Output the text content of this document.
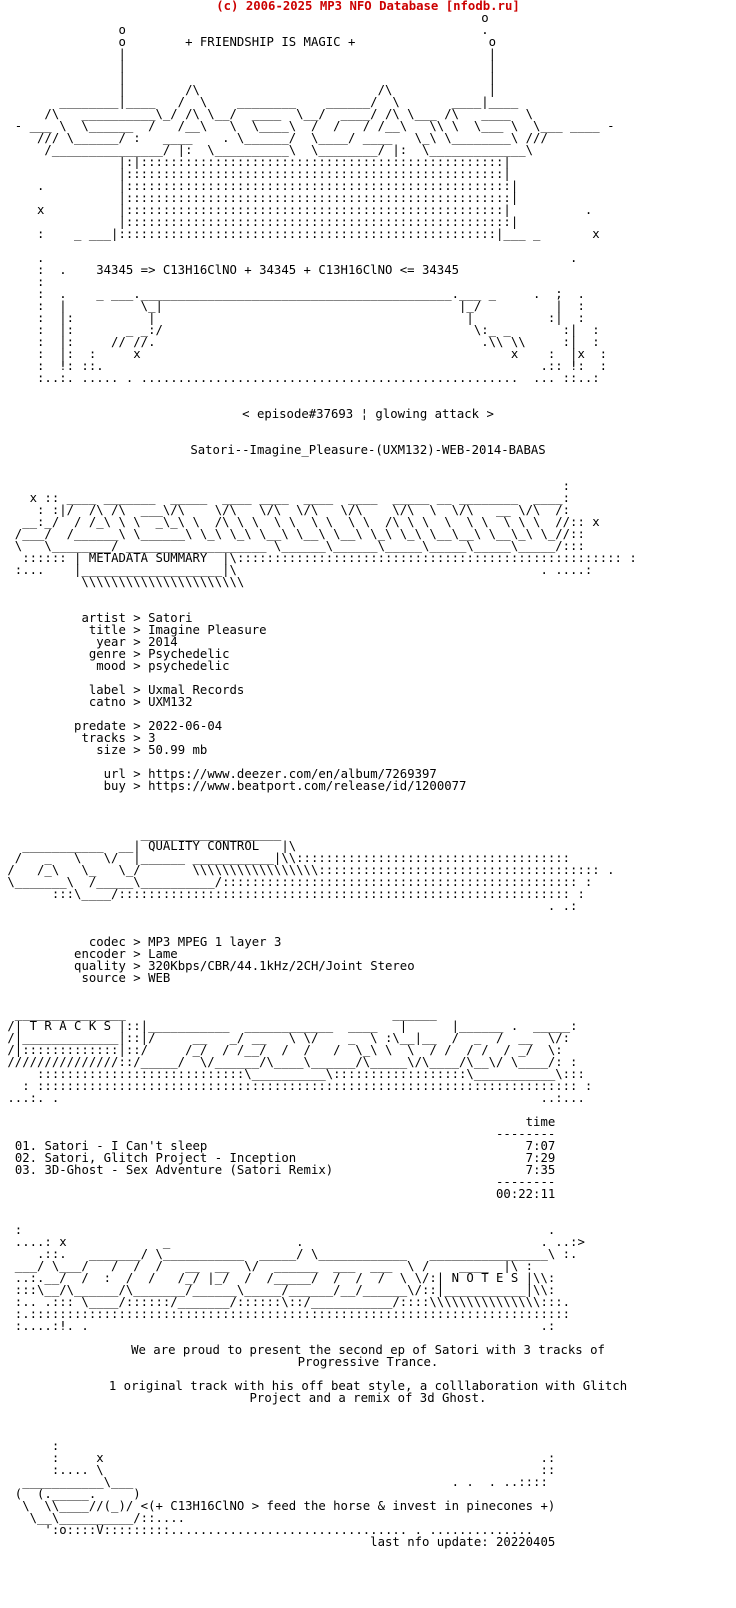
(c) 2006-2025 MP3 NFO Database [nfodb.ru]
o
o                                                .
o        + FRIENDSHIP IS MAGIC +                  o
|                                                 |
|                                                 |
|                                                 |
|        /\                        /\             |
________|____   /  \    ________    ______/  \       ____|____
/\   __________\_/ /\ \__/  ____  \__/  ____/ /\ \___ /\   ____  \
- ___ \  \______  /   /__\   \  \____\  /  /   / /__\   \\ \  \___ \  \___ ____ -
/// \______/ :   ____    . \______/  \____/ ____   \_\ \________\ ///
/_______________/ |:  \__________\  \________/ |:  \_____________\
|:|:::::::::::::::::::::::::::::::::::::::::::::::::|
|:::::::::::::::::::::::::::::::::::::::::::::::::::|
.          |::::::::::::::::::::::::::::::::::::::::::::::::::::|
|::::::::::::::::::::::::::::::::::::::::::::::::::::|
x          |:::::::::::::::::::::::::::::::::::::::::::::::::::|          .
|::::::::::::::::::::::::::::::::::::::::::::::::::::|
:    _ ___|:::::::::::::::::::::::::::::::::::::::::::::::::::|___ _       x

.                                                                       .
:  .    34345 => C13H16ClNO + 34345 + C13H16ClNO <= 34345
:
:  .    _ ___.__________________________________________.___ _     .  ;  .
:  |          \_|                                        |_/          |  :
:  |:          |                                          |          :|  :
:  |:       _ _:/                                          \:_ _       :|  :
:  |:     // //.                                            .\\ \\     :|  :
:  |:  :     x                                                  x    :  |x  :
:  !: ::.                                                           .:: !:  :
:..:. ..... . ...................................................  ... ::..:

< episode#37693 ¦ glowing attack >

Satori--Imagine_Pleasure-(UXM132)-WEB-2014-BABAS

:
x :: ____ _______  _____  ____ ____  ____  ____  _____ __ ________  ____:
: :|/  /\ /\  ___\/\    \/\   \/\  \/\   \/\    \/\  \  \/\   __ \/\  /:
__:_/  / /_\ \ \  _\_\ \  /\ \ \  \ \  \ \  \ \  /\ \ \  \  \ \  \ \ \  //:: x
/___/  /______\ \______\ \_\ \_\ \__\ \__\ \__\ \_\ \_\ \__\__\ \__\_\ \_//::
\   \________/ ___________________ \______\______\_____\_____\_____\_____/:::
:::::: | METADATA SUMMARY  |\:::::::::::::::::::::::::::::::::::::::::::::::::::: :
:...    |___________________|\                                         . ....:
\\\\\\\\\\\\\\\\\\\\\\

artist > Satori
title > Imagine Pleasure
year > 2014
genre > Psychedelic
mood > psychedelic

label > Uxmal Records
catno > UXM132

predate > 2022-06-04
tracks > 3
size > 50.99 mb

url > https://www.deezer.com/en/album/7269397
buy > https://www.beatport.com/release/id/1200077

___________________
___________  __| QUALITY CONTROL   |\
/   _   \   \/  |______ ___________|\\:::::::::::::::::::::::::::::::::::::
/   /_\   \_   \_/       \\\\\\\\\\\\\\\\\:::::::::::::::::::::::::::::::::::::: .
\_______\  /_____\__________/:::::::::::::::::::::::::::::::::::::::::::::::: :
:::\____/::::::::::::::::::::::::::::::::::::::::::::::::::::::::::::: :
. .:

codec > MP3 MPEG 1 layer 3
encoder > Lame
quality > 320Kbps/CBR/44.1kHz/2CH/Joint Stereo
source > WEB

_______________                                    ______
/| T R A C K S |::|___________  ____________  ____   |      |______ .  _____:
/|_____________|::|/     __   _/ __   \ \/    _  \ :\__|__  /  _  /  __  \/:
/|:::::::::::::|::/     /_/  / /__/  /  /   /  \_\ \  \  / /  / /  / _/  \:
///////////////::/_____/  \/______/\____\______/\_____\/\____/\__\/ \____/: :
::::::::::::::::::::::::::::\__________\::::::::::::::::::\___________\:::
: ::::::::::::::::::::::::::::::::::::::::::::::::::::::::::::::::::::::::: :
...:. .                                                                 ..:...

time
--------
01. Satori - I Can't sleep	7:07
02. Satori, Glitch Project - Inception	7:29
03. 3D-Ghost - Sex Adventure (Satori Remix)	7:35
--------
00:22:11

:                                                                       .
....: x             _                 .                                . ..:>
.::.   _______/ \___________  _____/ \____________   ________________\ :.
___/ \___/   /  /  /   __  __  \/  ______  ___  ___  \ /    ____  |\ :
..:.__/  /  :  /  /   /_/ |_/  /  /_____/  /  /  /  \ \/:| N O T E S |\\:
:::\__/\______/\_______/______\_____/______/__/______\/::|___________|\\:
:.. .::: \____/::::::/_______/::::::\::/___________/::::\\\\\\\\\\\\\\\:::.
:.:::::::::::::::::::::::::::::::::::::::::::::::::::::::::::::::::::::::::
:....:!. .                                                             .:

We are proud to present the second ep of Satori with 3 tracks of
Progressive Trance.

1 original track with his off beat style, a colllaboration with Glitch
Project and a remix of 3d Ghost.

:
:     x                                                           .:
:.... \                                                           ::
___________\___                                           . .  . ..::::
(  (._____.     )
\  \\____//(_)/ <(+ C13H16ClNO > feed the horse & invest in pinecones +)
\__\__________/::....
':o::::V:::::::::................................ . ..............
last nfo update: 20220405
